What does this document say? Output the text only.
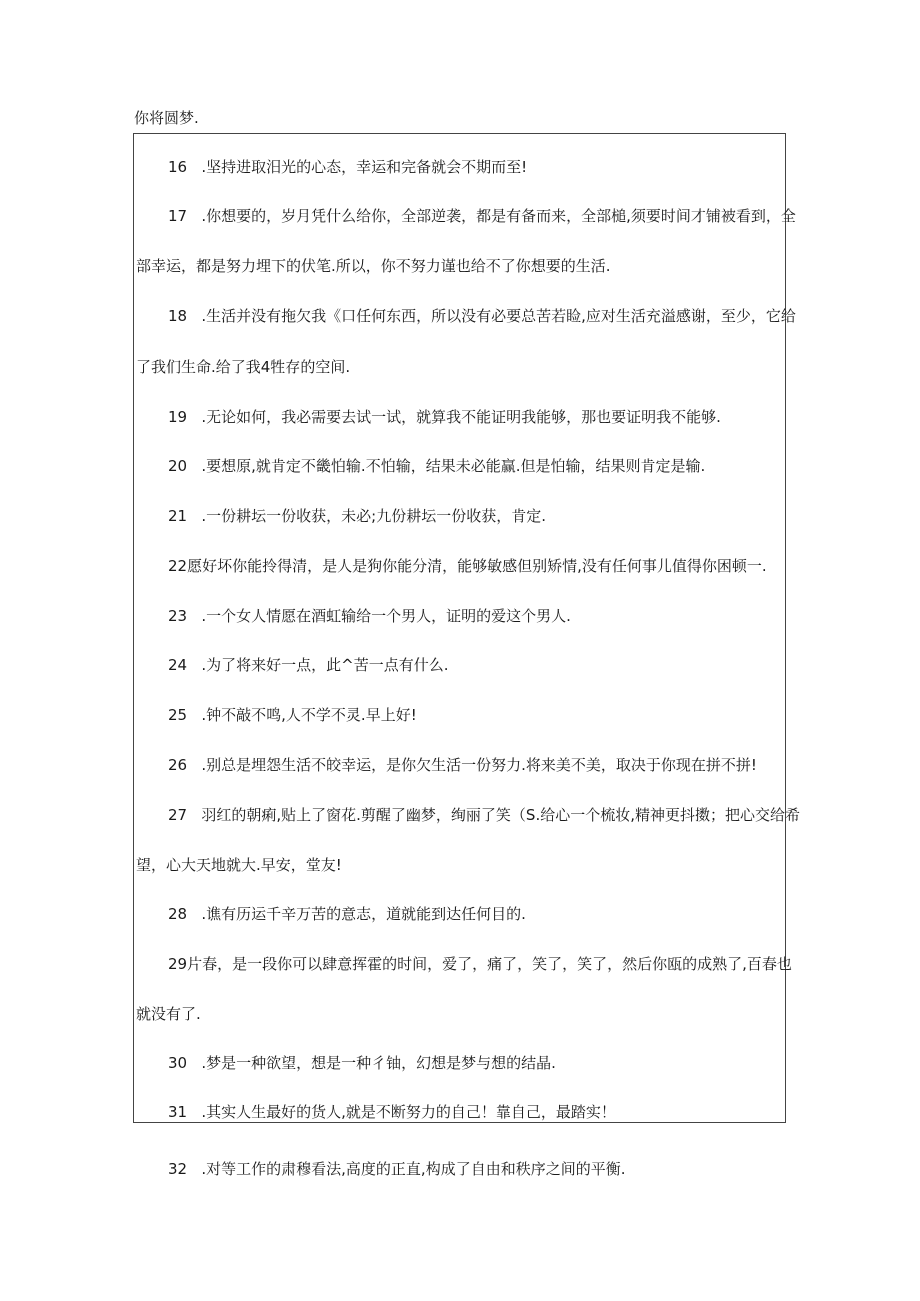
你将圆梦.
16   .坚持进取汨光的心态，幸运和完备就会不期而至!
17   .你想要的，岁月凭什么给你，全部逆袭，都是有备而来，全部槌,须要时间才铺被看到，全
部幸运，都是努力埋下的伏笔.所以，你不努力谨也给不了你想要的生活.
18   .生活并没有拖欠我《口任何东西，所以没有必要总苦若睑,应对生活充溢感谢，至少，它给
了我们生命.给了我4牲存的空间.
19   .无论如何，我必需要去试一试，就算我不能证明我能够，那也要证明我不能够.
20   .要想原,就肯定不畿怕输.不怕输，结果未必能赢.但是怕输，结果则肯定是输.
21   .一份耕坛一份收获，未必;九份耕坛一份收获，肯定.
22愿好坏你能拎得清，是人是狗你能分清，能够敏感但别矫情,没有任何事儿值得你困顿一.
23   .一个女人情愿在酒虹输给一个男人，证明的爱这个男人.
24   .为了将来好一点，此^苦一点有什么.
25   .钟不敲不鸣,人不学不灵.早上好!
26   .别总是埋怨生活不皎幸运，是你欠生活一份努力.将来美不美，取决于你现在拼不拼!
27   羽红的朝痢,贴上了窗花.剪醒了幽梦，绚丽了笑（S.给心一个梳妆,精神更抖擞；把心交给希
望，心大天地就大.早安，堂友!
28   .谯有历运千辛万苦的意志，道就能到达任何目的.
29片春，是一段你可以肆意挥霍的时间，爱了，痛了，笑了，笑了，然后你瓯的成熟了,百春也
就没有了.
30   .梦是一种欲望，想是一种彳铀，幻想是梦与想的结晶.
31   .其实人生最好的货人,就是不断努力的自己！靠自己，最踏实！
32   .对等工作的肃穆看法,高度的正直,构成了自由和秩序之间的平衡.
